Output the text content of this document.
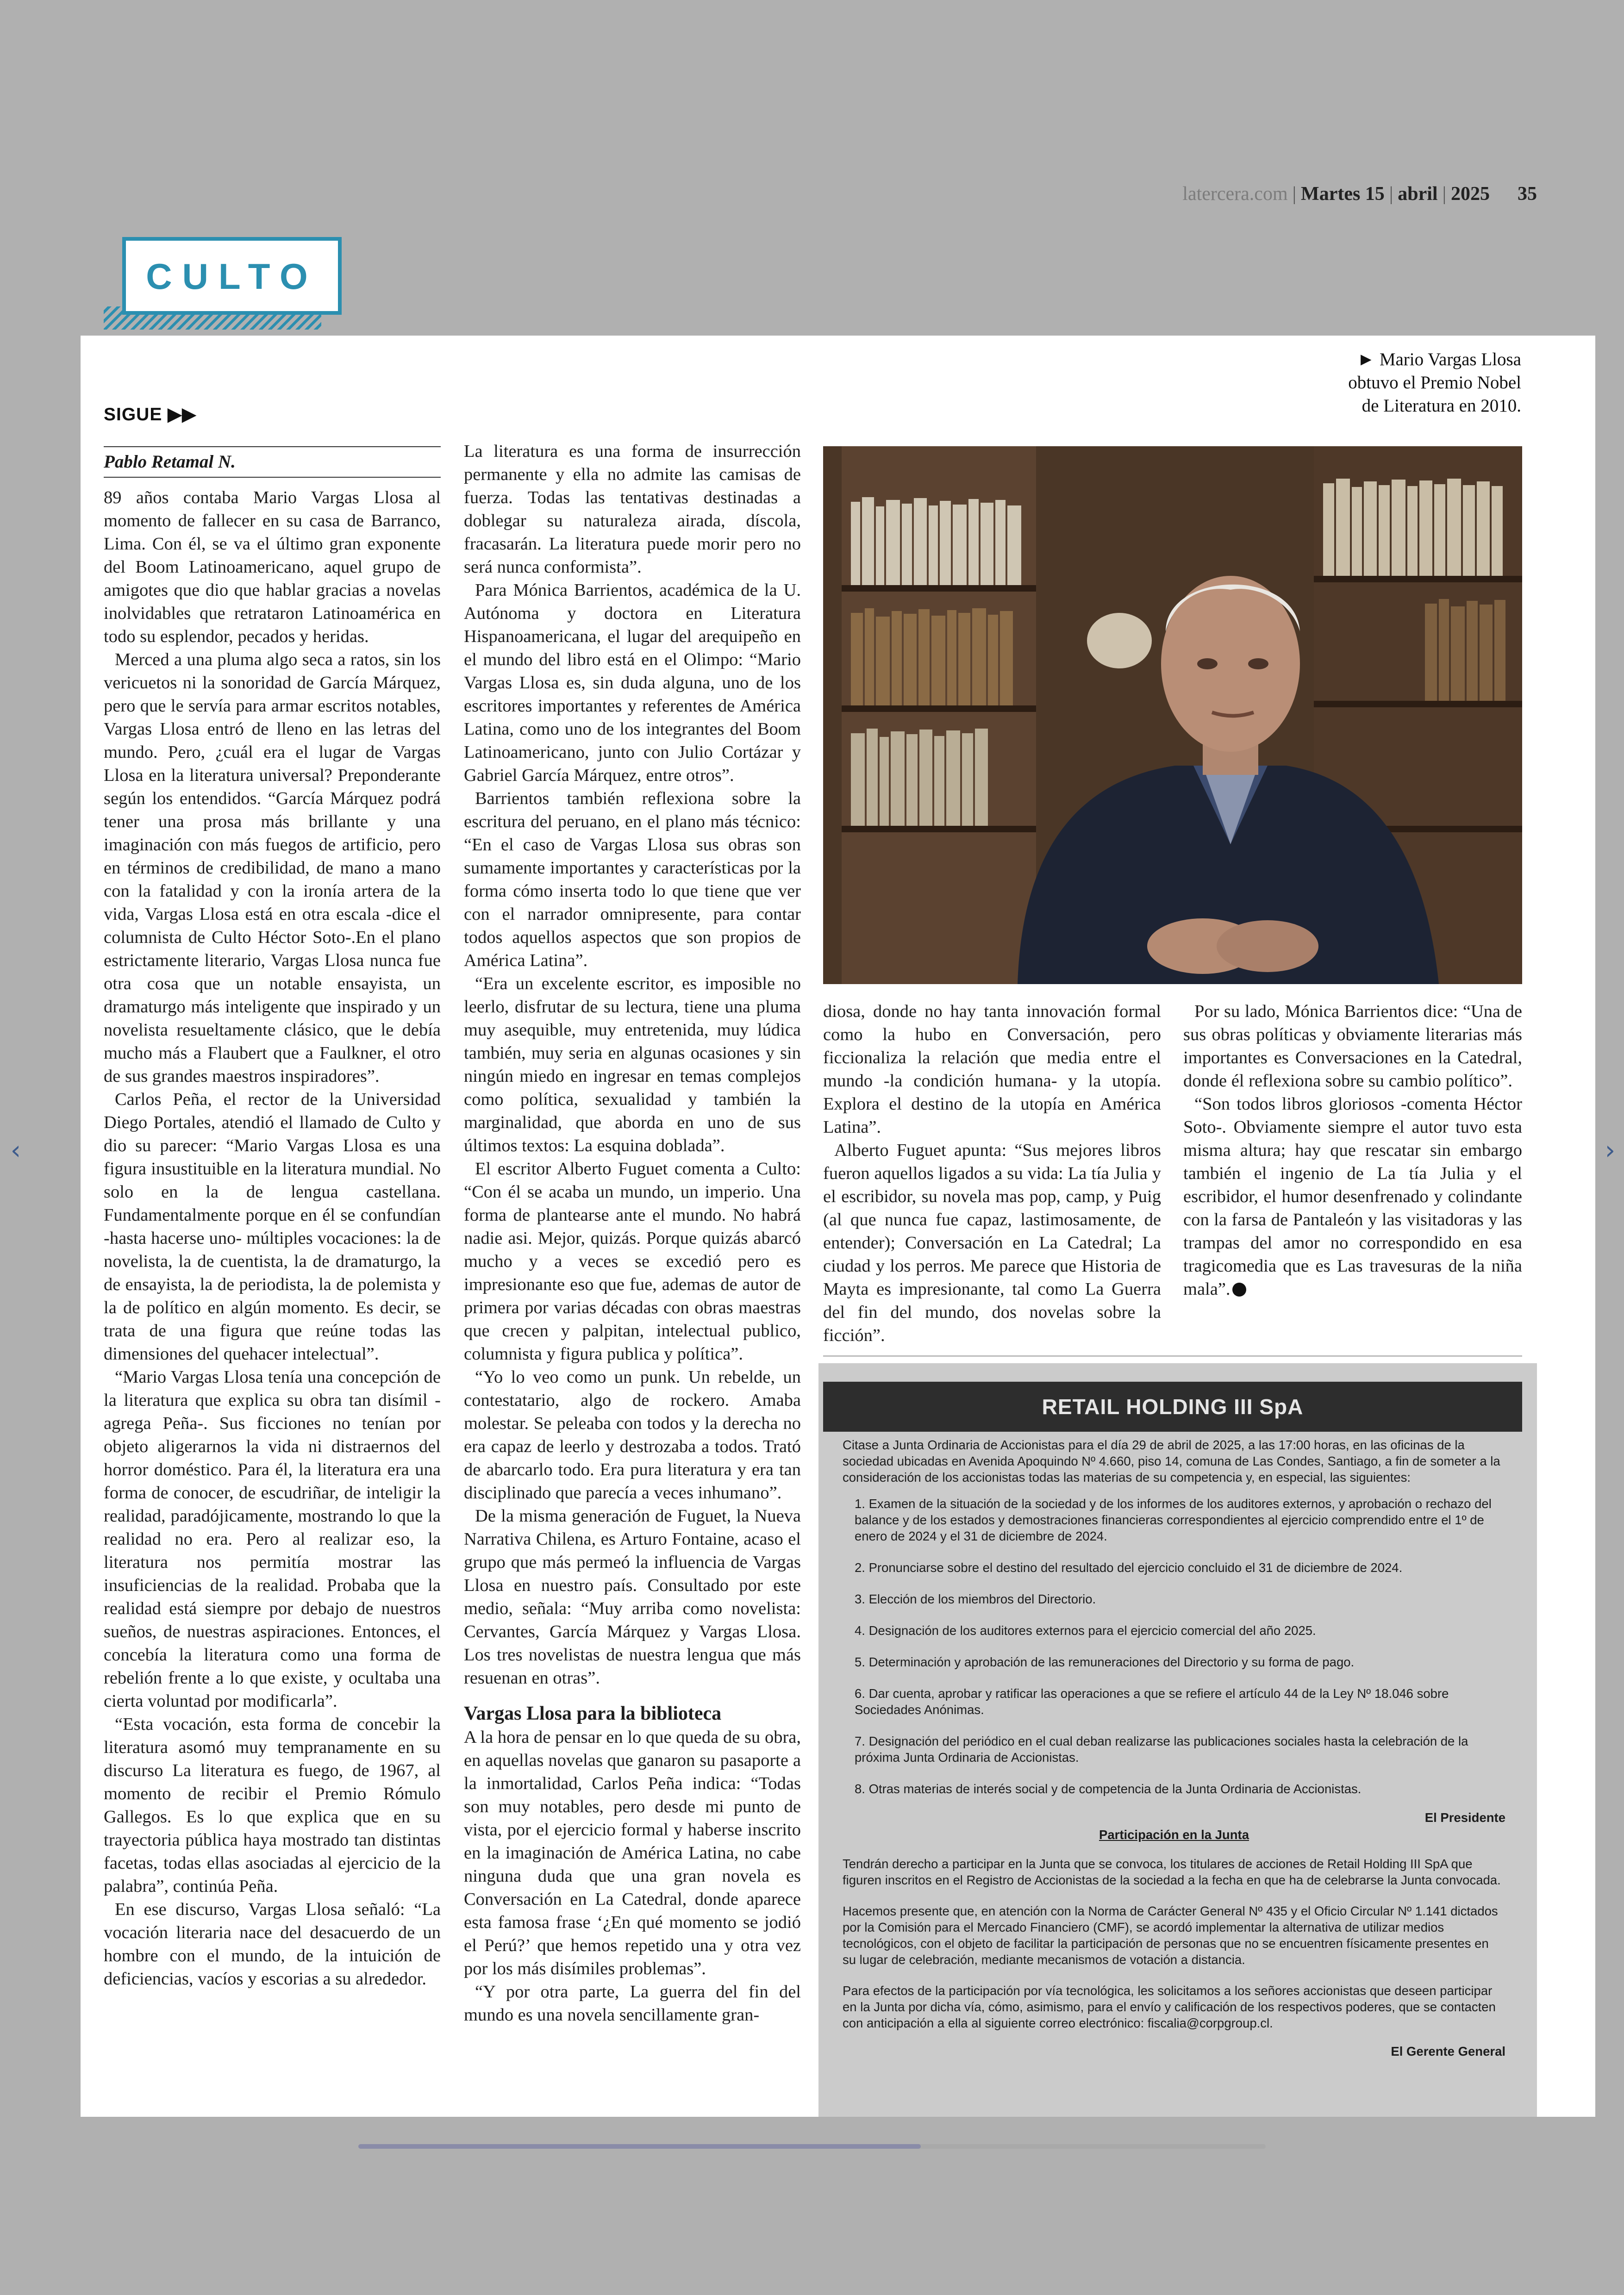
latercera.com | Martes 15 | abril | 2025 35
CULTO
► Mario Vargas Llosa
obtuvo el Premio Nobel
de Literatura en 2010.
SIGUE ▶▶
Pablo Retamal N.

89 años contaba Mario Vargas Llosa al momento de fallecer en su casa de Barranco, Lima. Con él, se va el último gran exponente del Boom Latinoamericano, aquel grupo de amigotes que dio que hablar gracias a novelas inolvidables que retrataron Latinoamérica en todo su esplendor, pecados y heridas.

Merced a una pluma algo seca a ratos, sin los vericuetos ni la sonoridad de García Márquez, pero que le servía para armar escritos notables, Vargas Llosa entró de lleno en las letras del mundo. Pero, ¿cuál era el lugar de Vargas Llosa en la literatura universal? Preponderante según los entendidos. “García Márquez podrá tener una prosa más brillante y una imaginación con más fuegos de artificio, pero en términos de credibilidad, de mano a mano con la fatalidad y con la ironía artera de la vida, Vargas Llosa está en otra escala -dice el columnista de Culto Héctor Soto-.En el plano estrictamente literario, Vargas Llosa nunca fue otra cosa que un notable ensayista, un dramaturgo más inteligente que inspirado y un novelista resueltamente clásico, que le debía mucho más a Flaubert que a Faulkner, el otro de sus grandes maestros inspiradores”.

Carlos Peña, el rector de la Universidad Diego Portales, atendió el llamado de Culto y dio su parecer: “Mario Vargas Llosa es una figura insustituible en la literatura mundial. No solo en la de lengua castellana. Fundamentalmente porque en él se confundían -hasta hacerse uno- múltiples vocaciones: la de novelista, la de cuentista, la de dramaturgo, la de ensayista, la de periodista, la de polemista y la de político en algún momento. Es decir, se trata de una figura que reúne todas las dimensiones del quehacer intelectual”.

“Mario Vargas Llosa tenía una concepción de la literatura que explica su obra tan disímil -agrega Peña-. Sus ficciones no tenían por objeto aligerarnos la vida ni distraernos del horror doméstico. Para él, la literatura era una forma de conocer, de escudriñar, de inteligir la realidad, paradójicamente, mostrando lo que la realidad no era. Pero al realizar eso, la literatura nos permitía mostrar las insuficiencias de la realidad. Probaba que la realidad está siempre por debajo de nuestros sueños, de nuestras aspiraciones. Entonces, el concebía la literatura como una forma de rebelión frente a lo que existe, y ocultaba una cierta voluntad por modificarla”.

“Esta vocación, esta forma de concebir la literatura asomó muy tempranamente en su discurso La literatura es fuego, de 1967, al momento de recibir el Premio Rómulo Gallegos. Es lo que explica que en su trayectoria pública haya mostrado tan distintas facetas, todas ellas asociadas al ejercicio de la palabra”, continúa Peña.

En ese discurso, Vargas Llosa señaló: “La vocación literaria nace del desacuerdo de un hombre con el mundo, de la intuición de deficiencias, vacíos y escorias a su alrededor.

La literatura es una forma de insurrección permanente y ella no admite las camisas de fuerza. Todas las tentativas destinadas a doblegar su naturaleza airada, díscola, fracasarán. La literatura puede morir pero no será nunca conformista”.

Para Mónica Barrientos, académica de la U. Autónoma y doctora en Literatura Hispanoamericana, el lugar del arequipeño en el mundo del libro está en el Olimpo: “Mario Vargas Llosa es, sin duda alguna, uno de los escritores importantes y referentes de América Latina, como uno de los integrantes del Boom Latinoamericano, junto con Julio Cortázar y Gabriel García Márquez, entre otros”.

Barrientos también reflexiona sobre la escritura del peruano, en el plano más técnico: “En el caso de Vargas Llosa sus obras son sumamente importantes y características por la forma cómo inserta todo lo que tiene que ver con el narrador omnipresente, para contar todos aquellos aspectos que son propios de América Latina”.

“Era un excelente escritor, es imposible no leerlo, disfrutar de su lectura, tiene una pluma muy asequible, muy entretenida, muy lúdica también, muy seria en algunas ocasiones y sin ningún miedo en ingresar en temas complejos como política, sexualidad y también la marginalidad, que aborda en uno de sus últimos textos: La esquina doblada”.

El escritor Alberto Fuguet comenta a Culto: “Con él se acaba un mundo, un imperio. Una forma de plantearse ante el mundo. No habrá nadie asi. Mejor, quizás. Porque quizás abarcó mucho y a veces se excedió pero es impresionante eso que fue, ademas de autor de primera por varias décadas con obras maestras que crecen y palpitan, intelectual publico, columnista y figura publica y política”.

“Yo lo veo como un punk. Un rebelde, un contestatario, algo de rockero. Amaba molestar. Se peleaba con todos y la derecha no era capaz de leerlo y destrozaba a todos. Trató de abarcarlo todo. Era pura literatura y era tan disciplinado que parecía a veces inhumano”.

De la misma generación de Fuguet, la Nueva Narrativa Chilena, es Arturo Fontaine, acaso el grupo que más permeó la influencia de Vargas Llosa en nuestro país. Consultado por este medio, señala: “Muy arriba como novelista: Cervantes, García Márquez y Vargas Llosa. Los tres novelistas de nuestra lengua que más resuenan en otras”.

Vargas Llosa para la biblioteca

A la hora de pensar en lo que queda de su obra, en aquellas novelas que ganaron su pasaporte a la inmortalidad, Carlos Peña indica: “Todas son muy notables, pero desde mi punto de vista, por el ejercicio formal y haberse inscrito en la imaginación de América Latina, no cabe ninguna duda que una gran novela es Conversación en La Catedral, donde aparece esta famosa frase ‘¿En qué momento se jodió el Perú?’ que hemos repetido una y otra vez por los más disímiles problemas”.

“Y por otra parte, La guerra del fin del mundo es una novela sencillamente gran-

diosa, donde no hay tanta innovación formal como la hubo en Conversación, pero ficcionaliza la relación que media entre el mundo -la condición humana- y la utopía. Explora el destino de la utopía en América Latina”.

Alberto Fuguet apunta: “Sus mejores libros fueron aquellos ligados a su vida: La tía Julia y el escribidor, su novela mas pop, camp, y Puig (al que nunca fue capaz, lastimosamente, de entender); Conversación en La Catedral; La ciudad y los perros. Me parece que Historia de Mayta es impresionante, tal como La Guerra del fin del mundo, dos novelas sobre la ficción”.

Por su lado, Mónica Barrientos dice: “Una de sus obras políticas y obviamente literarias más importantes es Conversaciones en la Catedral, donde él reflexiona sobre su cambio político”.

“Son todos libros gloriosos -comenta Héctor Soto-. Obviamente siempre el autor tuvo esta misma altura; hay que rescatar sin embargo también el ingenio de La tía Julia y el escribidor, el humor desenfrenado y colindante con la farsa de Pantaleón y las visitadoras y las trampas del amor no correspondido en esa tragicomedia que es Las travesuras de la niña mala”.

RETAIL HOLDING III SpA

Citase a Junta Ordinaria de Accionistas para el día 29 de abril de 2025, a las 17:00 horas, en las oficinas de la sociedad ubicadas en Avenida Apoquindo Nº 4.660, piso 14, comuna de Las Condes, Santiago, a fin de someter a la consideración de los accionistas todas las materias de su competencia y, en especial, las siguientes:

1. Examen de la situación de la sociedad y de los informes de los auditores externos, y aprobación o rechazo del balance y de los estados y demostraciones financieras correspondientes al ejercicio comprendido entre el 1º de enero de 2024 y el 31 de diciembre de 2024.
2. Pronunciarse sobre el destino del resultado del ejercicio concluido el 31 de diciembre de 2024.
3. Elección de los miembros del Directorio.
4. Designación de los auditores externos para el ejercicio comercial del año 2025.
5. Determinación y aprobación de las remuneraciones del Directorio y su forma de pago.
6. Dar cuenta, aprobar y ratificar las operaciones a que se refiere el artículo 44 de la Ley Nº 18.046 sobre Sociedades Anónimas.
7. Designación del periódico en el cual deban realizarse las publicaciones sociales hasta la celebración de la próxima Junta Ordinaria de Accionistas.
8. Otras materias de interés social y de competencia de la Junta Ordinaria de Accionistas.

El Presidente

Participación en la Junta

Tendrán derecho a participar en la Junta que se convoca, los titulares de acciones de Retail Holding III SpA que figuren inscritos en el Registro de Accionistas de la sociedad a la fecha en que ha de celebrarse la Junta convocada.

Hacemos presente que, en atención con la Norma de Carácter General Nº 435 y el Oficio Circular Nº 1.141 dictados por la Comisión para el Mercado Financiero (CMF), se acordó implementar la alternativa de utilizar medios tecnológicos, con el objeto de facilitar la participación de personas que no se encuentren físicamente presentes en su lugar de celebración, mediante mecanismos de votación a distancia.

Para efectos de la participación por vía tecnológica, les solicitamos a los señores accionistas que deseen participar en la Junta por dicha vía, cómo, asimismo, para el envío y calificación de los respectivos poderes, que se contacten con anticipación a ella al siguiente correo electrónico: fiscalia@corpgroup.cl.

El Gerente General

‹	›
